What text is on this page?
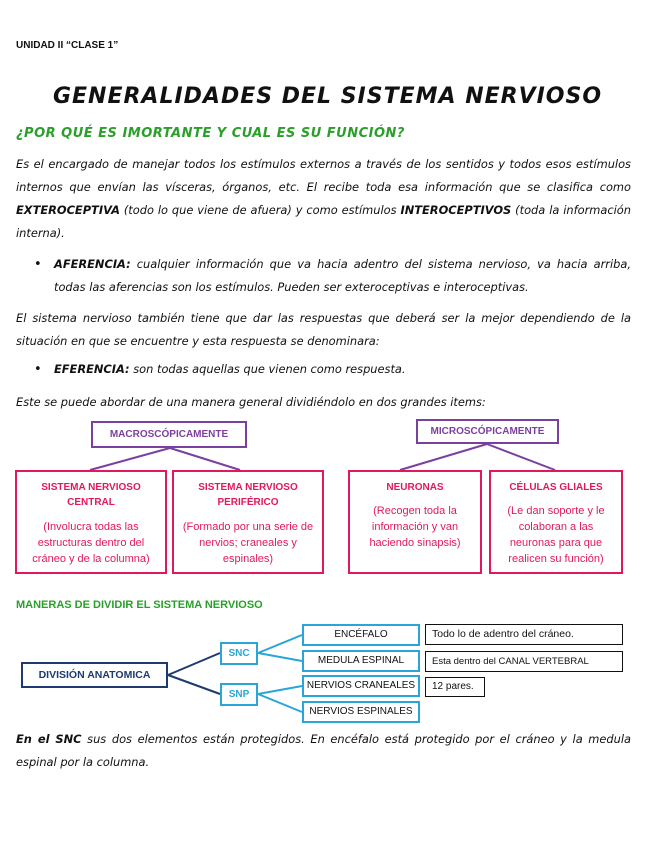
UNIDAD II “CLASE 1”
GENERALIDADES DEL SISTEMA NERVIOSO
¿POR QUÉ ES IMORTANTE Y CUAL ES SU FUNCIÓN?
Es el encargado de manejar todos los estímulos externos a través de los sentidos y todos esos estímulos internos que envían las vísceras, órganos, etc. El recibe toda esa información que se clasifica como EXTEROCEPTIVA (todo lo que viene de afuera) y como estímulos INTEROCEPTIVOS (toda la información interna).
• AFERENCIA: cualquier información que va hacia adentro del sistema nervioso, va hacia arriba, todas las aferencias son los estímulos. Pueden ser exteroceptivas e interoceptivas.
El sistema nervioso también tiene que dar las respuestas que deberá ser la mejor dependiendo de la situación en que se encuentre y esta respuesta se denominara:
• EFERENCIA: son todas aquellas que vienen como respuesta.
Este se puede abordar de una manera general dividiéndolo en dos grandes items:
MACROSCÓPICAMENTE	MICROSCÓPICAMENTE
SISTEMA NERVIOSO CENTRAL
(Involucra todas las estructuras dentro del cráneo y de la columna)
SISTEMA NERVIOSO PERIFÉRICO
(Formado por una serie de nervios; craneales y espinales)
NEURONAS
(Recogen toda la información y van haciendo sinapsis)
CÉLULAS GLIALES
(Le dan soporte y le colaboran a las neuronas para que realicen su función)
MANERAS DE DIVIDIR EL SISTEMA NERVIOSO
DIVISIÓN ANATOMICA
SNC
SNP
ENCÉFALO
MEDULA ESPINAL
NERVIOS CRANEALES
NERVIOS ESPINALES
Todo lo de adentro del cráneo.
Esta dentro del CANAL VERTEBRAL
12 pares.
En el SNC sus dos elementos están protegidos. En encéfalo está protegido por el cráneo y la medula espinal por la columna.
